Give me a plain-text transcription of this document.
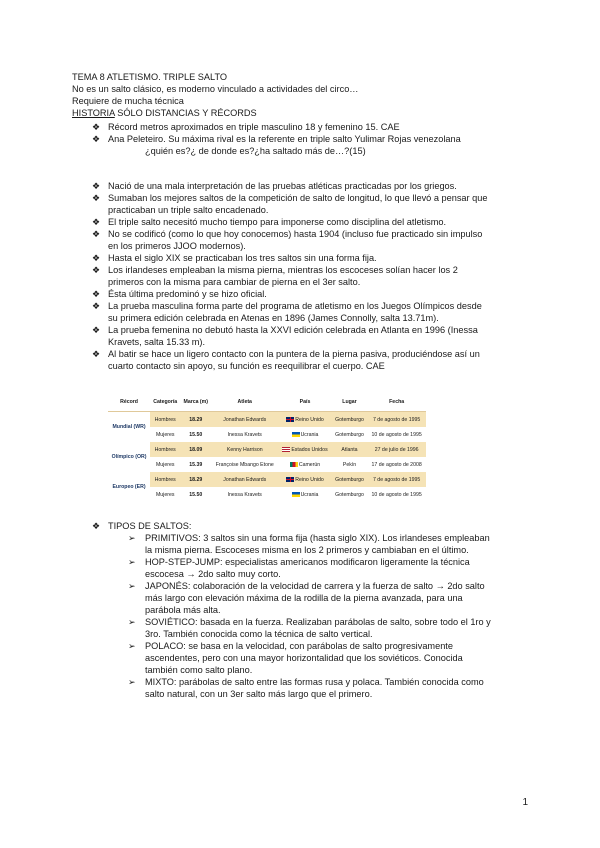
TEMA 8 ATLETISMO. TRIPLE SALTO
No es un salto clásico, es moderno vinculado a actividades del circo…
Requiere de mucha técnica
HISTORIA SÓLO DISTANCIAS Y RÉCORDS
❖ Récord metros aproximados en triple masculino 18 y femenino 15. CAE
❖ Ana Peleteiro. Su máxima rival es la referente en triple salto Yulimar Rojas venezolana
¿quién es?¿ de donde es?¿ha saltado más de…?(15)
❖ Nació de una mala interpretación de las pruebas atléticas practicadas por los griegos.
❖ Sumaban los mejores saltos de la competición de salto de longitud, lo que llevó a pensar que
practicaban un triple salto encadenado.
❖ El triple salto necesitó mucho tiempo para imponerse como disciplina del atletismo.
❖ No se codificó (como lo que hoy conocemos) hasta 1904 (incluso fue practicado sin impulso
en los primeros JJOO modernos).
❖ Hasta el siglo XIX se practicaban los tres saltos sin una forma fija.
❖ Los irlandeses empleaban la misma pierna, mientras los escoceses solían hacer los 2
primeros con la misma para cambiar de pierna en el 3er salto.
❖ Ésta última predominó y se hizo oficial.
❖ La prueba masculina forma parte del programa de atletismo en los Juegos Olímpicos desde
su primera edición celebrada en Atenas en 1896 (James Connolly, salta 13.71m).
❖ La prueba femenina no debutó hasta la XXVI edición celebrada en Atlanta en 1996 (Inessa
Kravets, salta 15.33 m).
❖ Al batir se hace un ligero contacto con la puntera de la pierna pasiva, produciéndose así un
cuarto contacto sin apoyo, su función es reequilibrar el cuerpo. CAE
Récord	Categoría	Marca (m)	Atleta	País	Lugar	Fecha
Mundial (WR)	Hombres	18.29	Jonathan Edwards	Reino Unido	Gotemburgo	7 de agosto de 1995
	Mujeres	15.50	Inessa Kravets	Ucrania	Gotemburgo	10 de agosto de 1995
Olímpico (OR)	Hombres	18.09	Kenny Harrison	Estados Unidos	Atlanta	27 de julio de 1996
	Mujeres	15.39	Françoise Mbango Etone	Camerún	Pekín	17 de agosto de 2008
Europeo (ER)	Hombres	18.29	Jonathan Edwards	Reino Unido	Gotemburgo	7 de agosto de 1995
	Mujeres	15.50	Inessa Kravets	Ucrania	Gotemburgo	10 de agosto de 1995
❖ TIPOS DE SALTOS:
➢ PRIMITIVOS: 3 saltos sin una forma fija (hasta siglo XIX). Los irlandeses empleaban
la misma pierna. Escoceses misma en los 2 primeros y cambiaban en el último.
➢ HOP-STEP-JUMP: especialistas americanos modificaron ligeramente la técnica
escocesa → 2do salto muy corto.
➢ JAPONÉS: colaboración de la velocidad de carrera y la fuerza de salto → 2do salto
más largo con elevación máxima de la rodilla de la pierna avanzada, para una
parábola más alta.
➢ SOVIÉTICO: basada en la fuerza. Realizaban parábolas de salto, sobre todo el 1ro y
3ro. También conocida como la técnica de salto vertical.
➢ POLACO: se basa en la velocidad, con parábolas de salto progresivamente
ascendentes, pero con una mayor horizontalidad que los soviéticos. Conocida
también como salto plano.
➢ MIXTO: parábolas de salto entre las formas rusa y polaca. También conocida como
salto natural, con un 3er salto más largo que el primero.
1
